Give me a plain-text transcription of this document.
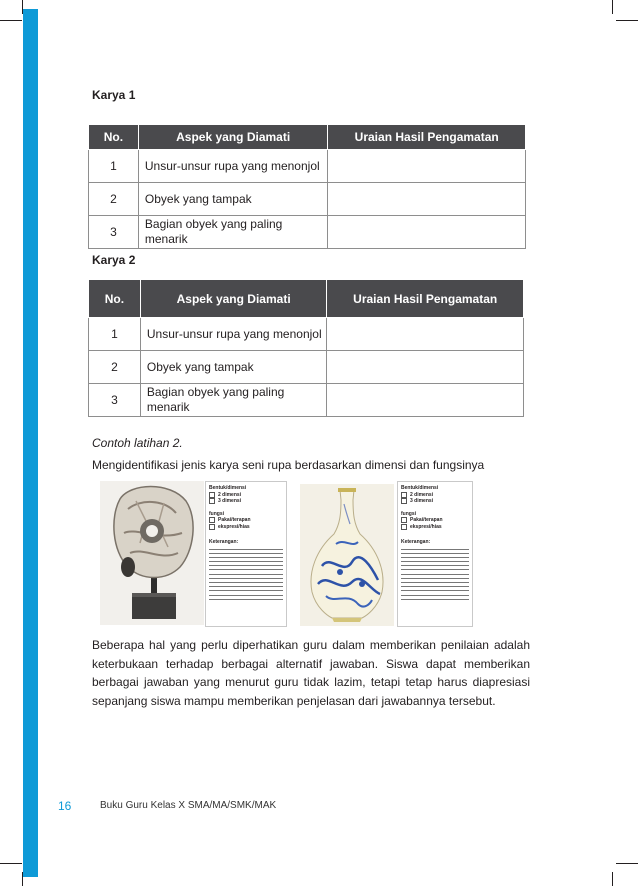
Karya 1
No.	Aspek yang Diamati	Uraian Hasil Pengamatan
1	Unsur-unsur rupa yang menonjol	
2	Obyek yang tampak	
3	Bagian obyek yang paling menarik	
Karya 2
No.	Aspek yang Diamati	Uraian Hasil Pengamatan
1	Unsur-unsur rupa yang menonjol	
2	Obyek yang tampak	
3	Bagian obyek yang paling menarik	
Contoh latihan 2.
Mengidentifikasi jenis karya seni rupa berdasarkan dimensi dan fungsinya
Bentuk/dimensi
2 dimensi
3 dimensi
fungsi
Pakai/terapan
ekspresi/hias
Keterangan:
Bentuk/dimensi
2 dimensi
3 dimensi
fungsi
Pakai/terapan
ekspresi/hias
Keterangan:
Beberapa hal yang perlu diperhatikan guru dalam memberikan penilaian adalah keterbukaan terhadap berbagai alternatif jawaban. Siswa dapat memberikan berbagai jawaban yang menurut guru tidak lazim, tetapi tetap harus diapresiasi sepanjang siswa mampu memberikan penjelasan dari jawabannya tersebut.
16	Buku Guru Kelas X SMA/MA/SMK/MAK
